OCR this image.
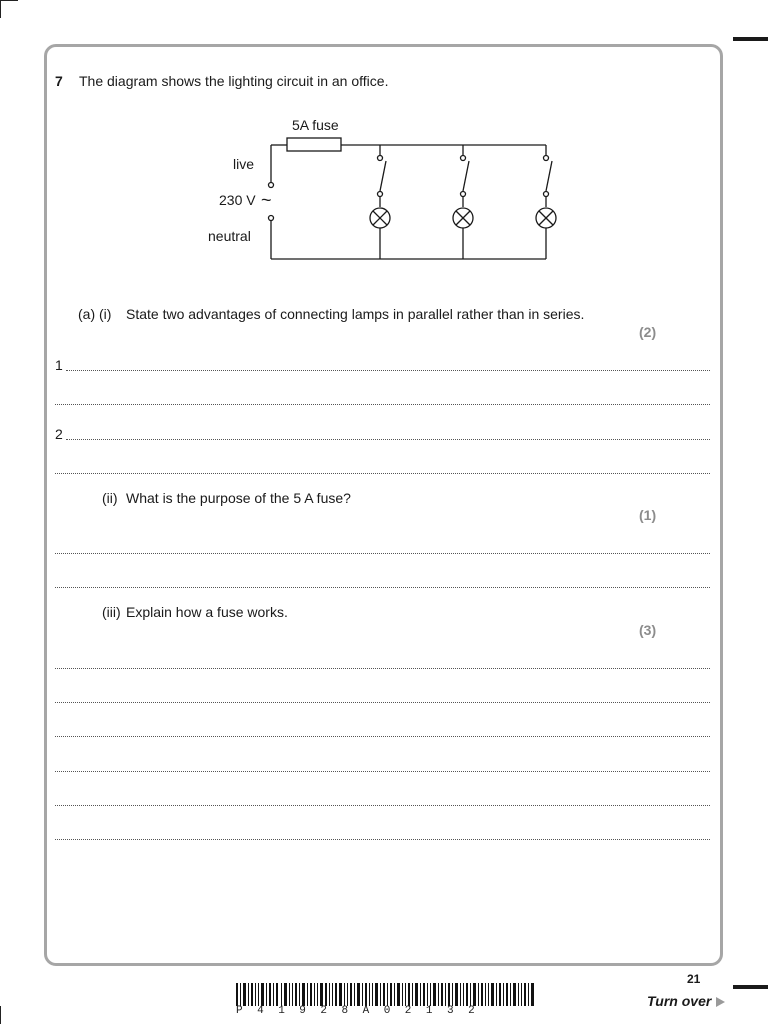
7 The diagram shows the lighting circuit in an office.
5A fuse
live
230 V ~
neutral
(a) (i) State two advantages of connecting lamps in parallel rather than in series.
(2)
1
2
(ii) What is the purpose of the 5 A fuse?
(1)
(iii) Explain how a fuse works.
(3)
21
Turn over
P41928A02132
